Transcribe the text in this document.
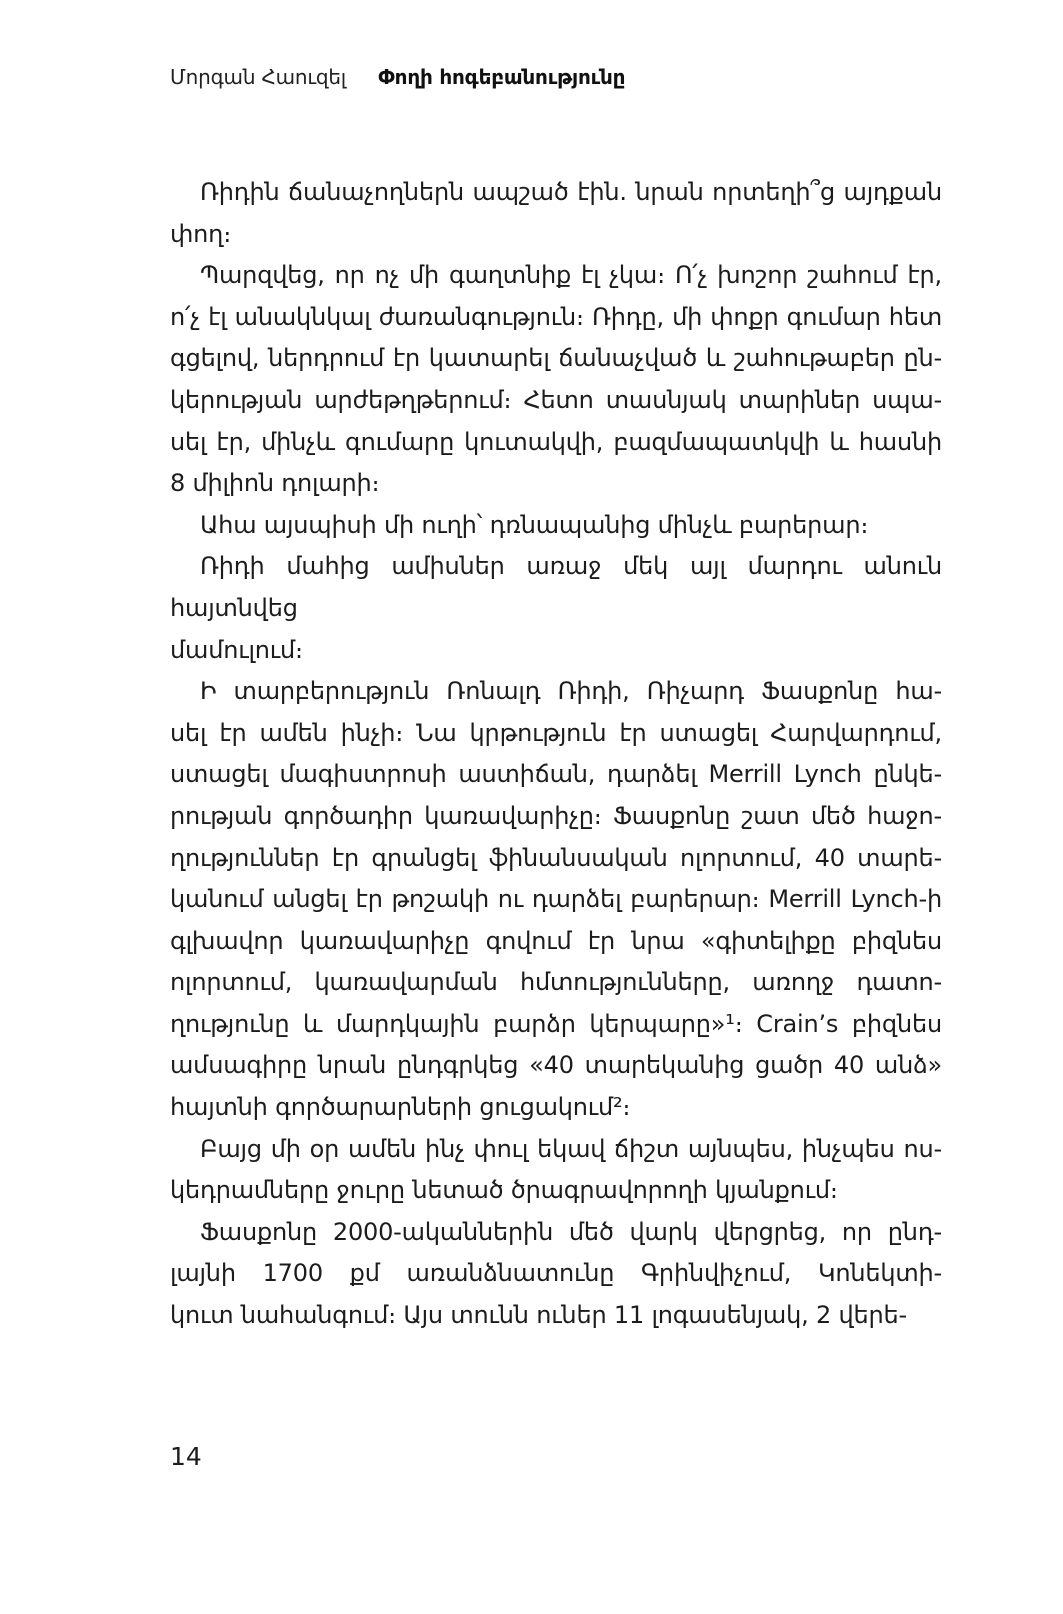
Մորգան Հաուզել Փողի հոգեբանությունը
Ռիդին ճանաչողներն ապշած էին. նրան որտեղի՞ց այդքան
փող։
Պարզվեց, որ ոչ մի գաղտնիք էլ չկա։ Ո՛չ խոշոր շահում էր,
ո՛չ էլ անակնկալ ժառանգություն։ Ռիդը, մի փոքր գումար հետ
գցելով, ներդրում էր կատարել ճանաչված և շահութաբեր ըն-
կերության արժեթղթերում։ Հետո տասնյակ տարիներ սպա-
սել էր, մինչև գումարը կուտակվի, բազմապատկվի և հասնի
8 միլիոն դոլարի։
Ահա այսպիսի մի ուղի՝ դռնապանից մինչև բարերար։
Ռիդի մահից ամիսներ առաջ մեկ այլ մարդու անուն հայտնվեց
մամուլում։
Ի տարբերություն Ռոնալդ Ռիդի, Ռիչարդ Ֆասքոնը հա-
սել էր ամեն ինչի։ Նա կրթություն էր ստացել Հարվարդում,
ստացել մագիստրոսի աստիճան, դարձել Merrill Lynch ընկե-
րության գործադիր կառավարիչը։ Ֆասքոնը շատ մեծ հաջո-
ղություններ էր գրանցել ֆինանսական ոլորտում, 40 տարե-
կանում անցել էր թոշակի ու դարձել բարերար։ Merrill Lynch-ի
գլխավոր կառավարիչը գովում էր նրա «գիտելիքը բիզնես
ոլորտում, կառավարման հմտությունները, առողջ դատո-
ղությունը և մարդկային բարձր կերպարը»¹։ Crain’s բիզնես
ամսագիրը նրան ընդգրկեց «40 տարեկանից ցածր 40 անձ»
հայտնի գործարարների ցուցակում²։
Բայց մի օր ամեն ինչ փուլ եկավ ճիշտ այնպես, ինչպես ոս-
կեդրամները ջուրը նետած ծրագրավորողի կյանքում։
Ֆասքոնը 2000-ականներին մեծ վարկ վերցրեց, որ ընդ-
լայնի 1700 քմ առանձնատունը Գրինվիչում, Կոնեկտի-
կուտ նահանգում։ Այս տունն ուներ 11 լոգասենյակ, 2 վերե-
14
